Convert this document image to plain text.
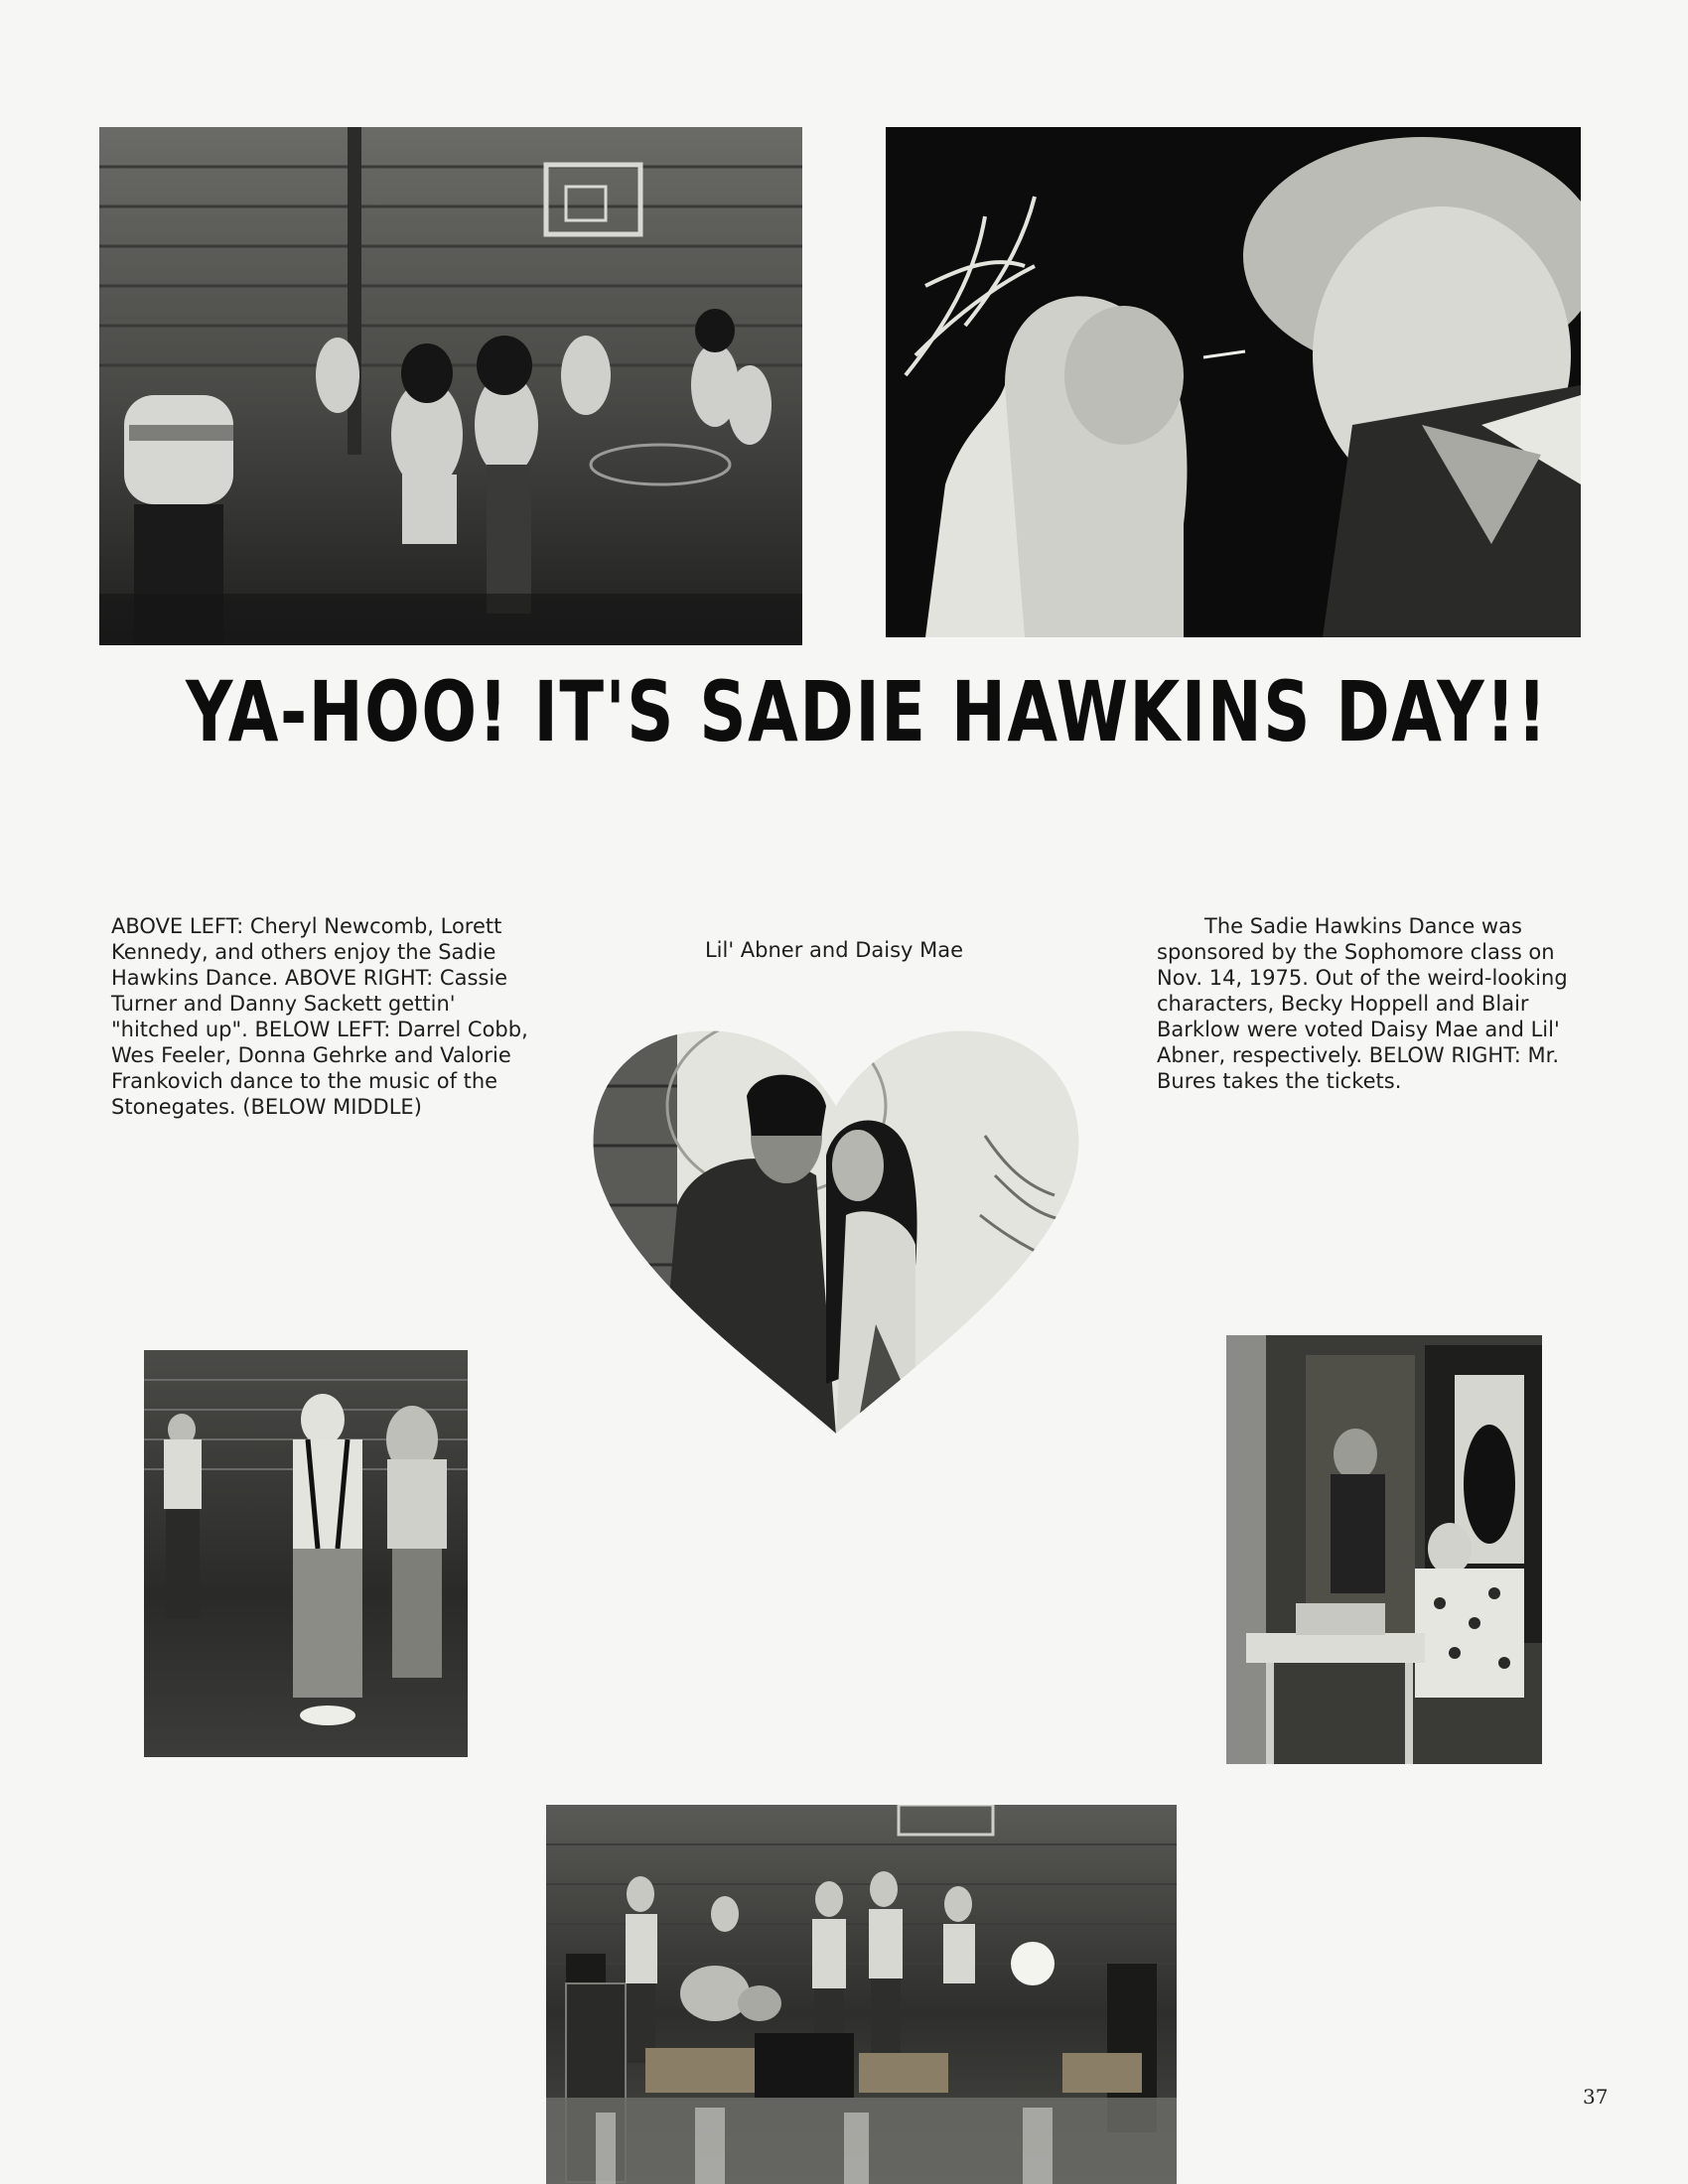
YA-HOO! IT'S SADIE HAWKINS DAY!!

ABOVE LEFT: Cheryl Newcomb, Lorett Kennedy, and others enjoy the Sadie Hawkins Dance. ABOVE RIGHT: Cassie Turner and Danny Sackett gettin' "hitched up". BELOW LEFT: Darrel Cobb, Wes Feeler, Donna Gehrke and Valorie Frankovich dance to the music of the Stonegates. (BELOW MIDDLE)

Lil' Abner and Daisy Mae

The Sadie Hawkins Dance was sponsored by the Sophomore class on Nov. 14, 1975. Out of the weird-looking characters, Becky Hoppell and Blair Barklow were voted Daisy Mae and Lil' Abner, respectively. BELOW RIGHT: Mr. Bures takes the tickets.

37
